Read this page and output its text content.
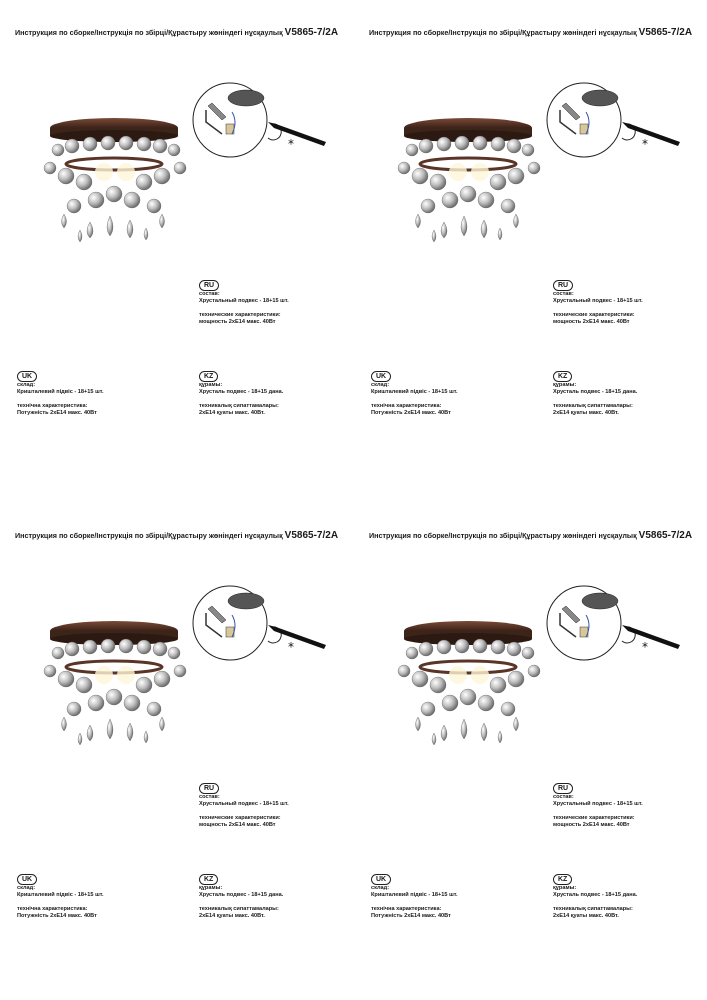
Инструкция по сборке/Інструкція по збірці/Құрастыру жөніндегі нұсқаулық V5865-7/2A
*
RU
состав:
Хрустальный подвес - 18+15 шт.
технические характеристики:
мощность 2хЕ14 макс. 40Вт
UK
склад:
Кришталевий підвіс - 18+15 шт.
технічна характеристика:
Потужність 2хЕ14 макс. 40Вт
KZ
құрамы:
Хрусталь подвес - 18+15 дана.
техникалық сипаттамалары:
2хЕ14 қуаты макс. 40Вт.
Инструкция по сборке/Інструкція по збірці/Құрастыру жөніндегі нұсқаулық V5865-7/2A
*
RU
состав:
Хрустальный подвес - 18+15 шт.
технические характеристики:
мощность 2хЕ14 макс. 40Вт
UK
склад:
Кришталевий підвіс - 18+15 шт.
технічна характеристика:
Потужність 2хЕ14 макс. 40Вт
KZ
құрамы:
Хрусталь подвес - 18+15 дана.
техникалық сипаттамалары:
2хЕ14 қуаты макс. 40Вт.
Инструкция по сборке/Інструкція по збірці/Құрастыру жөніндегі нұсқаулық V5865-7/2A
*
RU
состав:
Хрустальный подвес - 18+15 шт.
технические характеристики:
мощность 2хЕ14 макс. 40Вт
UK
склад:
Кришталевий підвіс - 18+15 шт.
технічна характеристика:
Потужність 2хЕ14 макс. 40Вт
KZ
құрамы:
Хрусталь подвес - 18+15 дана.
техникалық сипаттамалары:
2хЕ14 қуаты макс. 40Вт.
Инструкция по сборке/Інструкція по збірці/Құрастыру жөніндегі нұсқаулық V5865-7/2A
*
RU
состав:
Хрустальный подвес - 18+15 шт.
технические характеристики:
мощность 2хЕ14 макс. 40Вт
UK
склад:
Кришталевий підвіс - 18+15 шт.
технічна характеристика:
Потужність 2хЕ14 макс. 40Вт
KZ
құрамы:
Хрусталь подвес - 18+15 дана.
техникалық сипаттамалары:
2хЕ14 қуаты макс. 40Вт.
